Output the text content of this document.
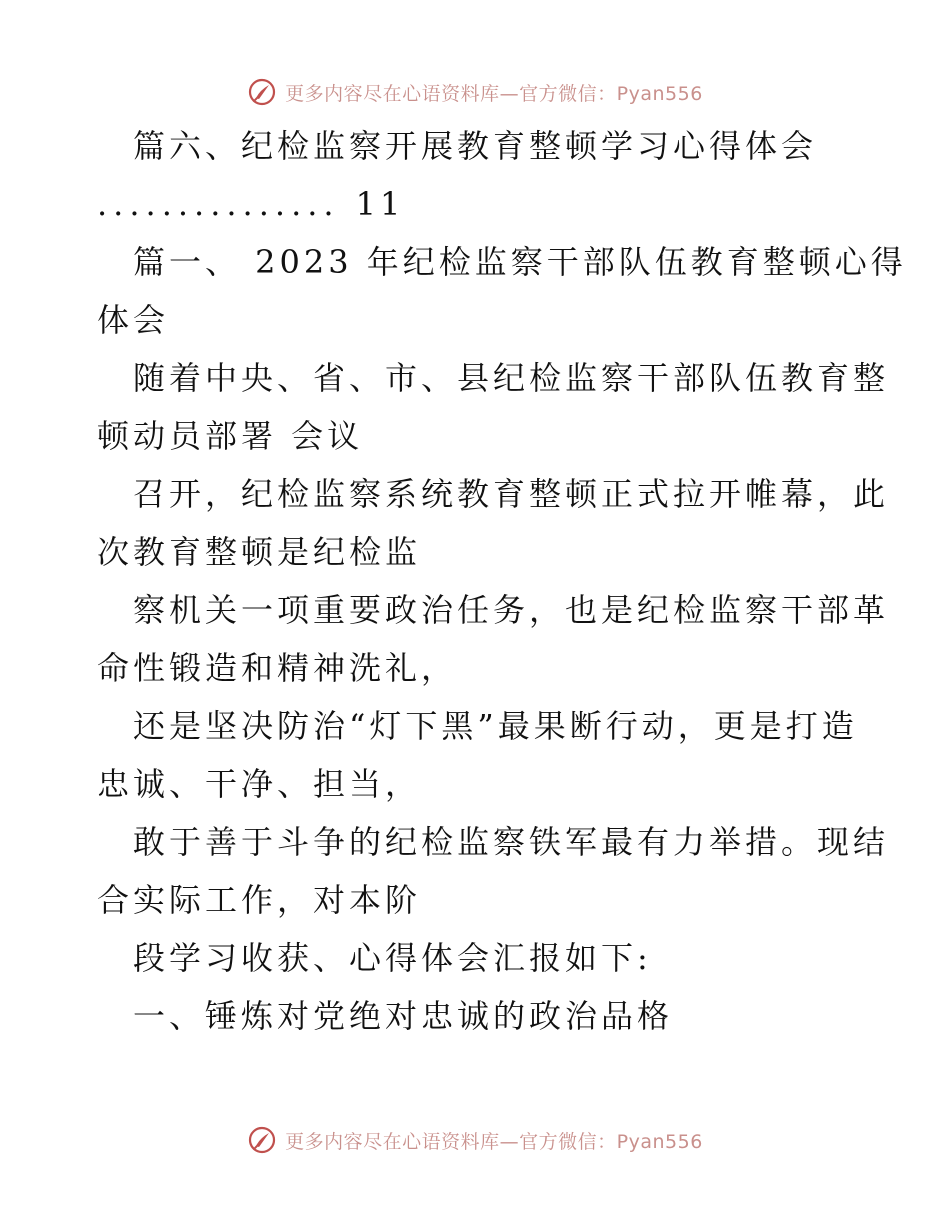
更多内容尽在心语资料库—官方微信：Pyan556
篇六、纪检监察开展教育整顿学习心得体会
............... 11
篇一、 2023 年纪检监察干部队伍教育整顿心得
体会
随着中央、省、市、县纪检监察干部队伍教育整
顿动员部署 会议
召开，纪检监察系统教育整顿正式拉开帷幕，此
次教育整顿是纪检监
察机关一项重要政治任务，也是纪检监察干部革
命性锻造和精神洗礼，
还是坚决防治“灯下黑”最果断行动，更是打造
忠诚、干净、担当，
敢于善于斗争的纪检监察铁军最有力举措。现结
合实际工作，对本阶
段学习收获、心得体会汇报如下:
一、锤炼对党绝对忠诚的政治品格
更多内容尽在心语资料库—官方微信：Pyan556
